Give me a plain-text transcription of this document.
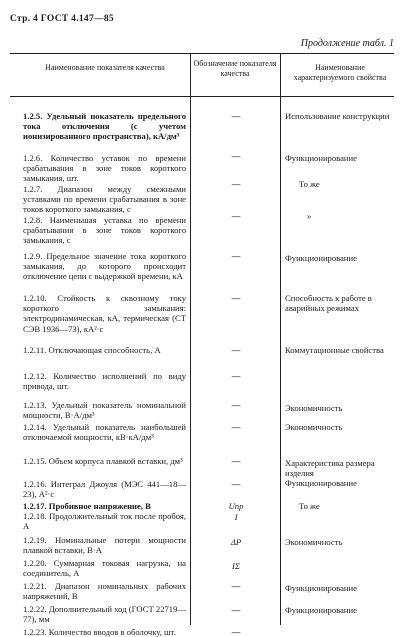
Стр. 4 ГОСТ 4.147—85
Продолжение табл. 1
Наименование показателя качества	Обозначение показателя качества
Наименование характеризуемого свойства
1.2.5. Удельный показатель предельного тока отключения (с учетом ионизированного пространства), кА/дм³
—	Использование конструкции
1.2.6. Количество уставок по времени срабатывания в зоне токов короткого замыкания, шт.
—	Функционирование
1.2.7. Диапазон между смежными уставками по времени срабатывания в зоне токов короткого замыкания, с
—	То же
1.2.8. Наименьшая уставка по времени срабатывания в зоне токов короткого замыкания, с
—	»
1.2.9. Предельное значение тока короткого замыкания, до которого происходит отключение цепи с выдержкой времени, кА
—	Функционирование
1.2.10. Стойкость к сквозному току короткого замыкания: электродинамическая, кА, термическая (СТ СЭВ 1936—73), кА²·с
—	Способность к работе в аварийных режимах
1.2.11. Отключающая способность, А	—	Коммутационные свойства
1.2.12. Количество исполнений по виду привода, шт.
—
1.2.13. Удельный показатель номинальной мощности, В·А/дм³
—	Экономичность
1.2.14. Удельный показатель наибольшей отключаемой мощности, кВ·кА/дм³
—	Экономичность
1.2.15. Объем корпуса плавкой вставки, дм³	—	Характеристика размера изделия
1.2.16. Интеграл Джоуля (МЭС 441—18—23), А²·с
—	Функционирование
1.2.17. Пробивное напряжение, В	Uпр	То же
1.2.18. Продолжительный ток после пробоя, А
I
1.2.19. Номинальные потери мощности плавкой вставки, В·А
ΔP	Экономичность
1.2.20. Суммарная токовая нагрузка, на соединитель, А
IΣ
1.2.21. Диапазон номинальных рабочих напряжений, В
—	Функционирование
1.2.22. Дополнительный ход (ГОСТ 22719—77), мм
—	Функционирование
1.2.23. Количество вводов в оболочку, шт.	—
